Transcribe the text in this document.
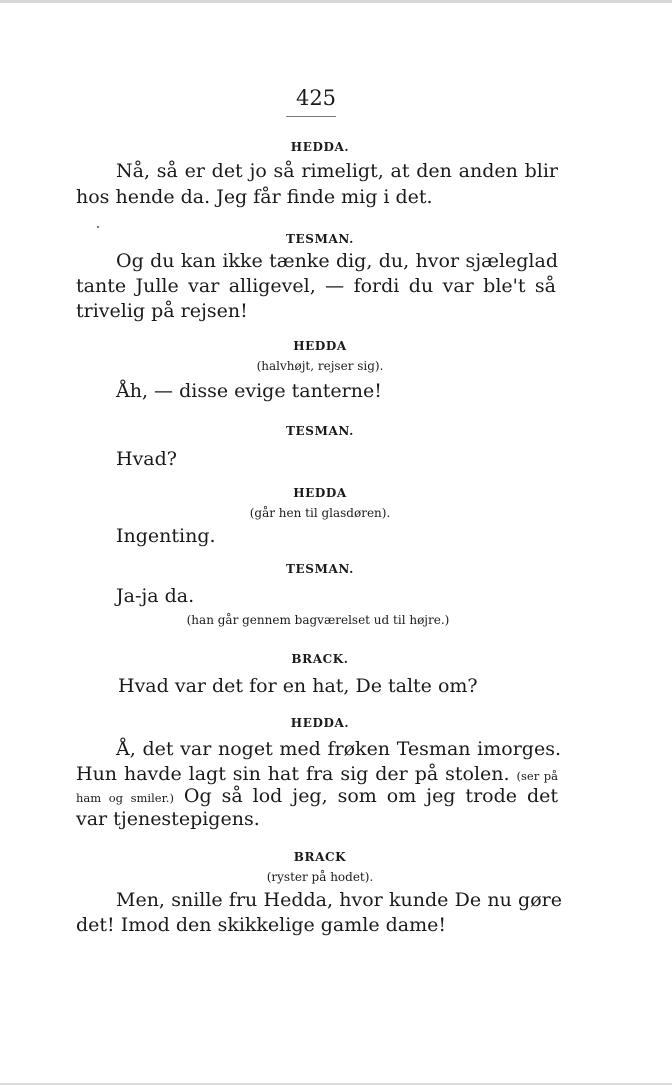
425
HEDDA.
Nå, så er det jo så rimeligt, at den anden blir
hos hende da. Jeg får finde mig i det.
TESMAN.
Og du kan ikke tænke dig, du, hvor sjæleglad
tante Julle var alligevel, — fordi du var ble't så
trivelig på rejsen!
HEDDA
(halvhøjt, rejser sig).
Åh, — disse evige tanterne!
TESMAN.
Hvad?
HEDDA
(går hen til glasdøren).
Ingenting.
TESMAN.
Ja-ja da.
(han går gennem bagværelset ud til højre.)
BRACK.
Hvad var det for en hat, De talte om?
HEDDA.
Å, det var noget med frøken Tesman imorges.
Hun havde lagt sin hat fra sig der på stolen. (ser på
ham og smiler.) Og så lod jeg, som om jeg trode det
var tjenestepigens.
BRACK
(ryster på hodet).
Men, snille fru Hedda, hvor kunde De nu gøre
det! Imod den skikkelige gamle dame!
